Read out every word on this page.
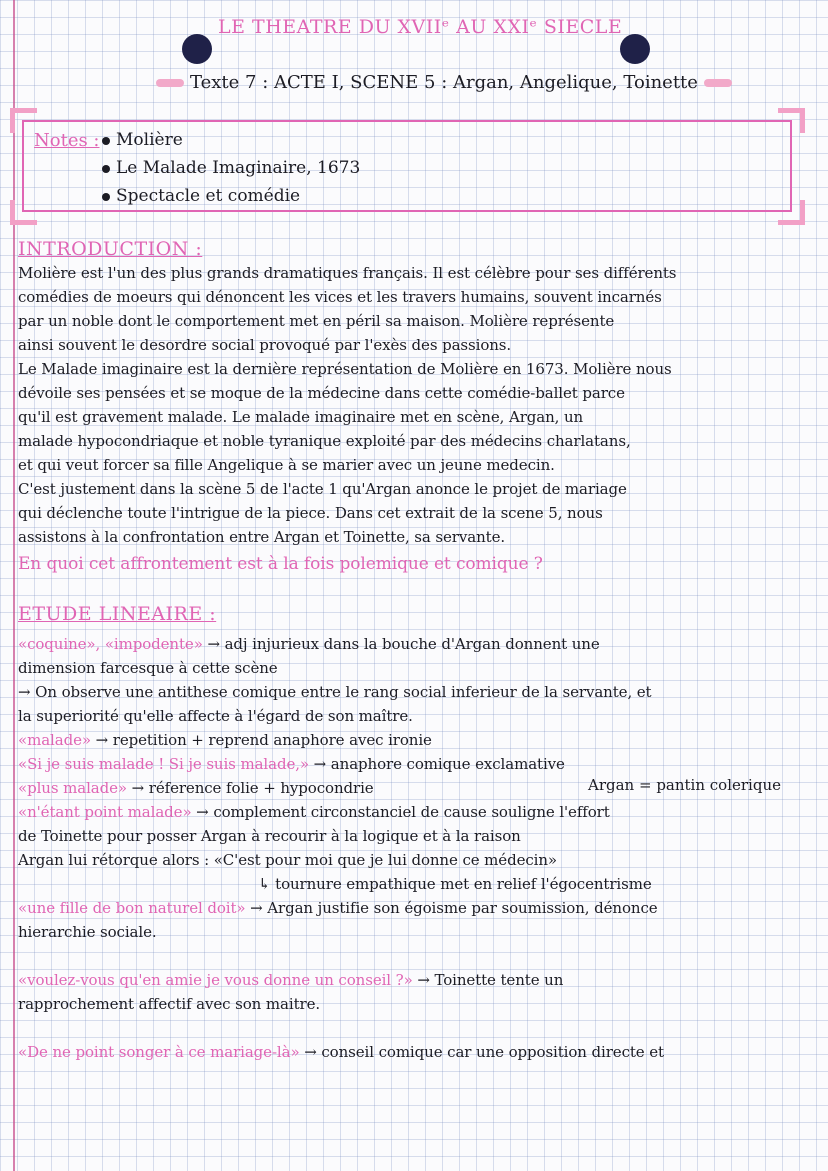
LE THEATRE DU XVIIᵉ AU XXIᵉ SIECLE
Texte 7 : ACTE I, SCENE 5 : Argan, Angelique, Toinette
Notes : Molière
Le Malade Imaginaire, 1673
Spectacle et comédie
INTRODUCTION :
Molière est l'un des plus grands dramatiques français. Il est célèbre pour ses différents
comédies de moeurs qui dénoncent les vices et les travers humains, souvent incarnés
par un noble dont le comportement met en péril sa maison. Molière représente
ainsi souvent le desordre social provoqué par l'exès des passions.
Le Malade imaginaire est la dernière représentation de Molière en 1673. Molière nous
dévoile ses pensées et se moque de la médecine dans cette comédie-ballet parce
qu'il est gravement malade. Le malade imaginaire met en scène, Argan, un
malade hypocondriaque et noble tyranique exploité par des médecins charlatans,
et qui veut forcer sa fille Angelique à se marier avec un jeune medecin.
C'est justement dans la scène 5 de l'acte 1 qu'Argan anonce le projet de mariage
qui déclenche toute l'intrigue de la piece. Dans cet extrait de la scene 5, nous
assistons à la confrontation entre Argan et Toinette, sa servante.
En quoi cet affrontement est à la fois polemique et comique ?
ETUDE LINEAIRE :
«coquine», «impodente» → adj injurieux dans la bouche d'Argan donnent une
dimension farcesque à cette scène
→ On observe une antithese comique entre le rang social inferieur de la servante, et
la superiorité qu'elle affecte à l'égard de son maître.
«malade» → repetition + reprend anaphore avec ironie
«Si je suis malade ! Si je suis malade,» → anaphore comique exclamative
«plus malade» → réference folie + hypocondrie	Argan = pantin colerique
«n'étant point malade» → complement circonstanciel de cause souligne l'effort
de Toinette pour posser Argan à recourir à la logique et à la raison
Argan lui rétorque alors : «C'est pour moi que je lui donne ce médecin»
↳ tournure empathique met en relief l'égocentrisme
«une fille de bon naturel doit» → Argan justifie son égoisme par soumission, dénonce
hierarchie sociale.
«voulez-vous qu'en amie je vous donne un conseil ?» → Toinette tente un
rapprochement affectif avec son maitre.
«De ne point songer à ce mariage-là» → conseil comique car une opposition directe et
